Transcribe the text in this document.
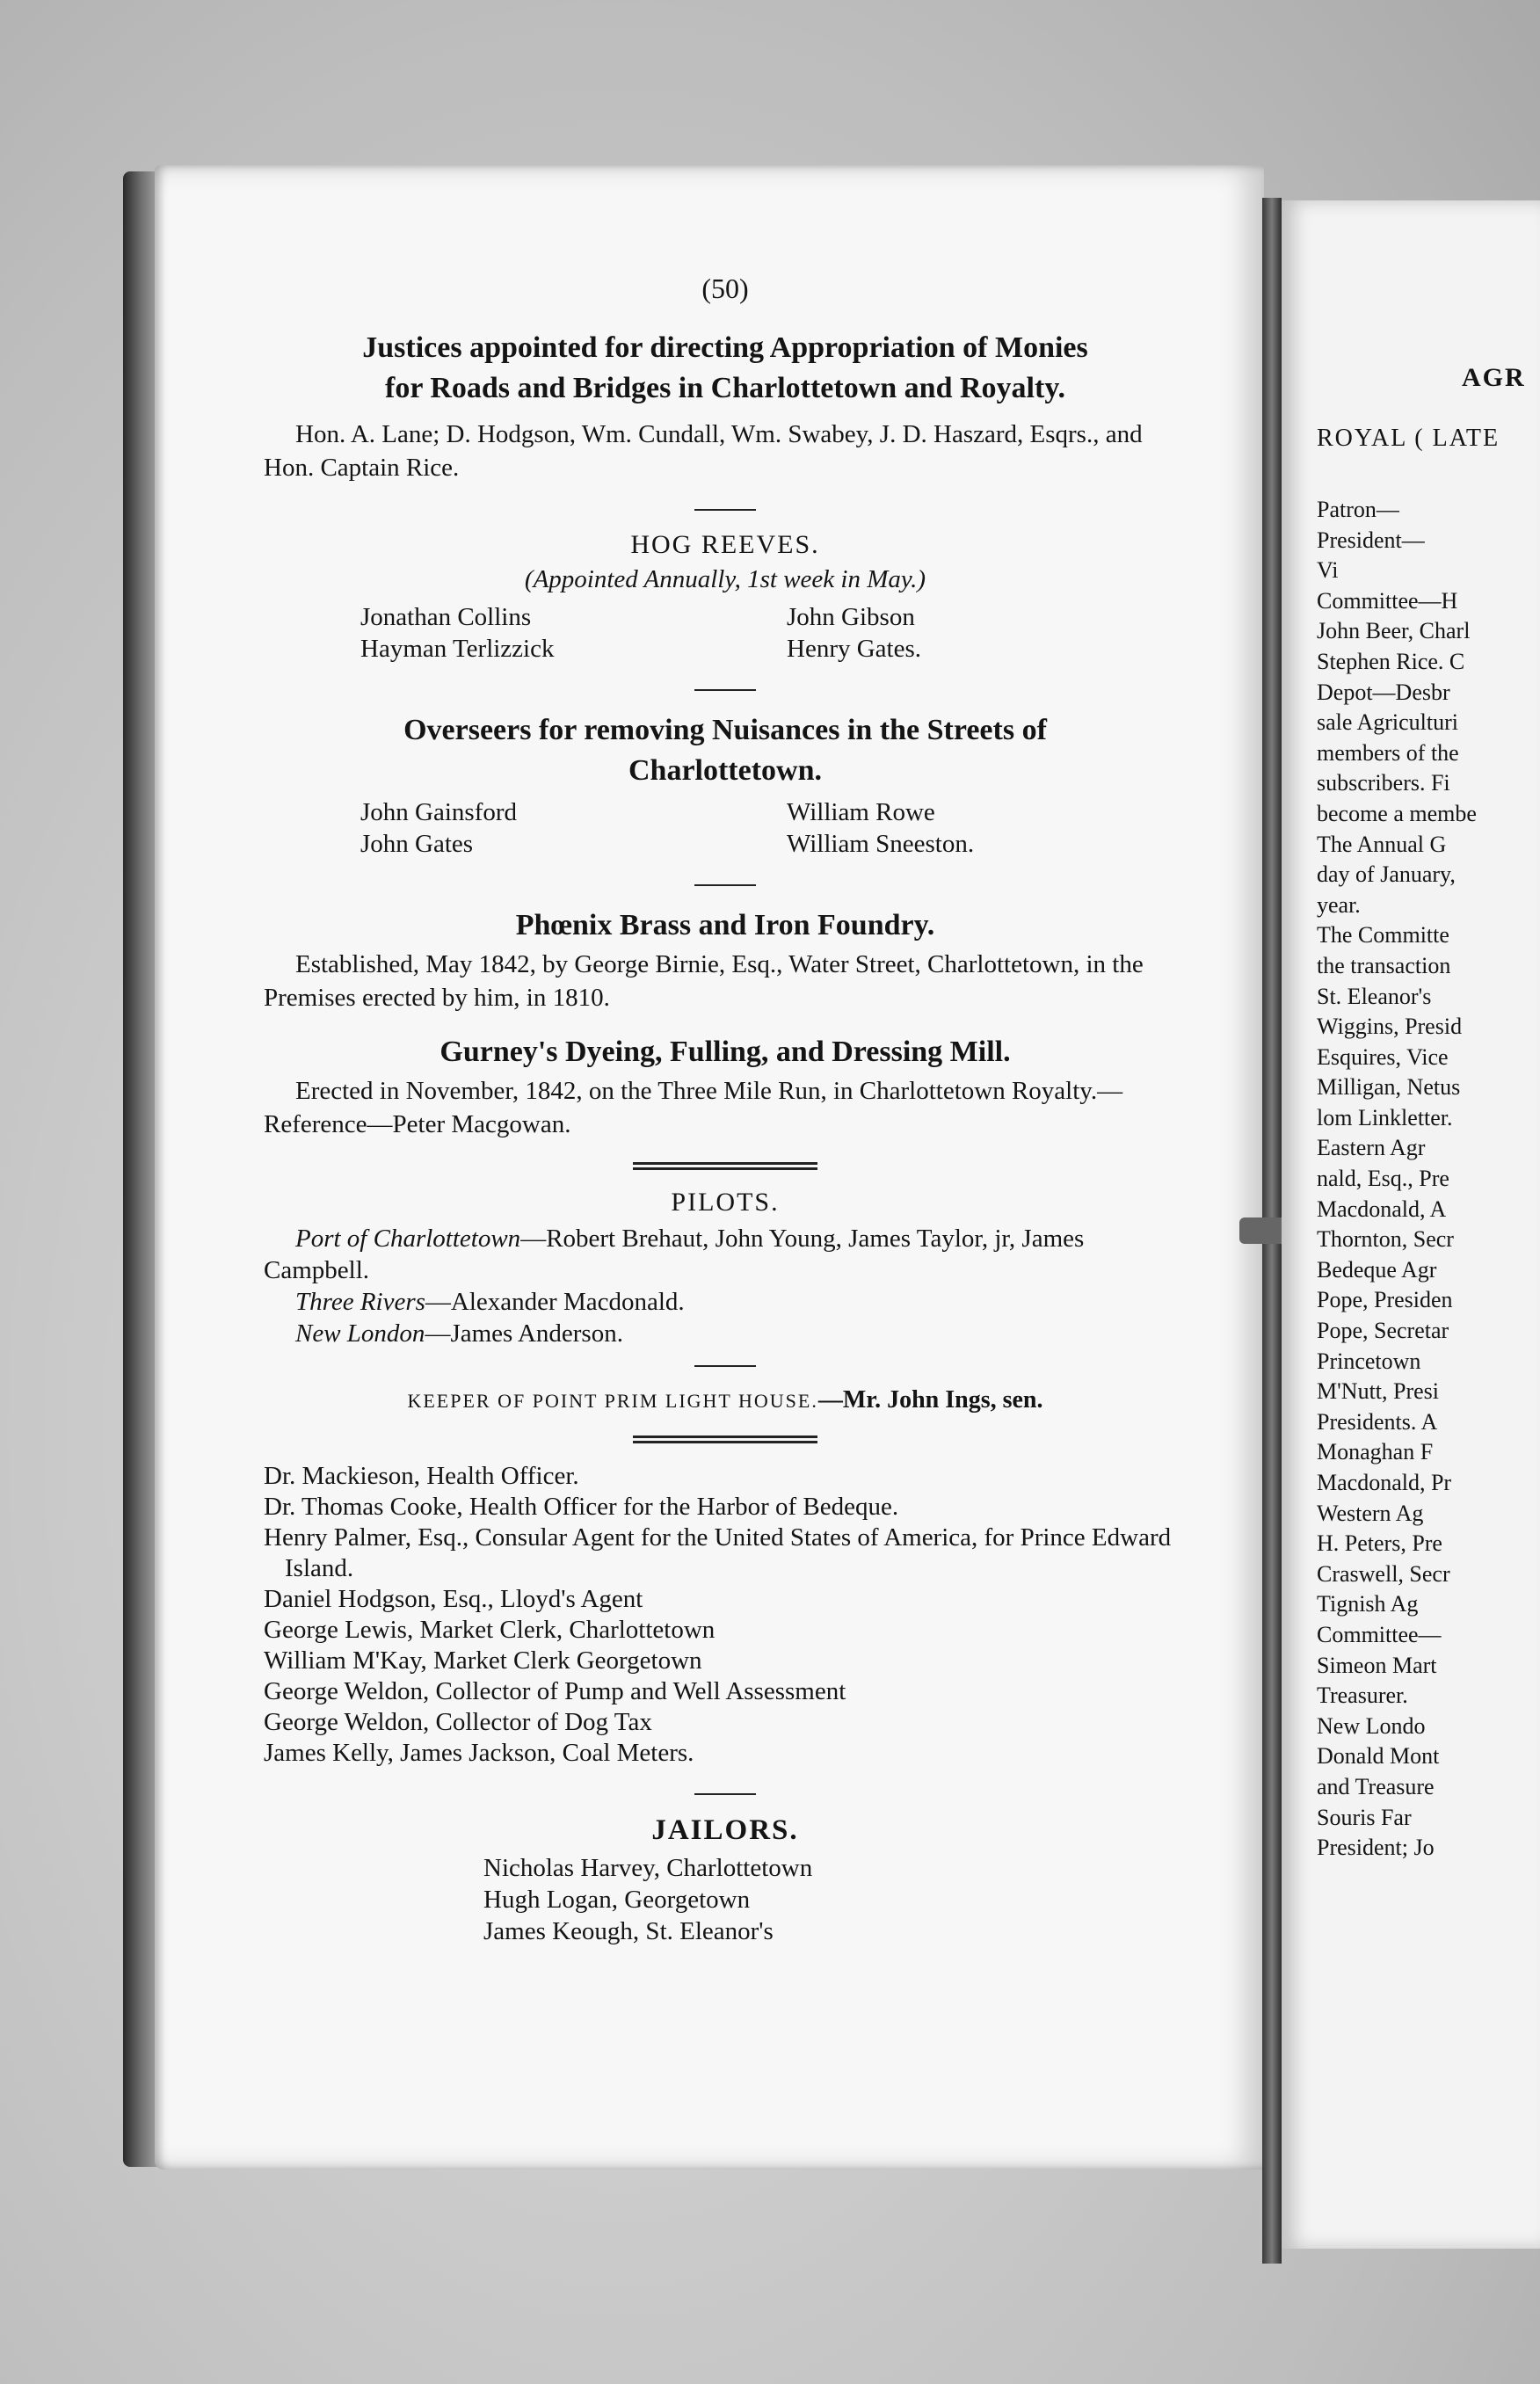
AGR
ROYAL ( LATE
Patron—
President—
Vi
Committee—H
John Beer, Charl
Stephen Rice. C
Depot—Desbr
sale Agriculturi
members of the
subscribers. Fi
become a membe
The Annual G
day of January,
year.
The Committe
the transaction
St. Eleanor's
Wiggins, Presid
Esquires, Vice
Milligan, Netus
lom Linkletter.
Eastern Agr
nald, Esq., Pre
Macdonald, A
Thornton, Secr
Bedeque Agr
Pope, Presiden
Pope, Secretar
Princetown
M'Nutt, Presi
Presidents. A
Monaghan F
Macdonald, Pr
Western Ag
H. Peters, Pre
Craswell, Secr
Tignish Ag
Committee—
Simeon Mart
Treasurer.
New Londo
Donald Mont
and Treasure
Souris Far
President; Jo

(50)

Justices appointed for directing Appropriation of Monies

for Roads and Bridges in Charlottetown and Royalty.

Hon. A. Lane; D. Hodgson, Wm. Cundall, Wm. Swabey, J. D. Haszard, Esqrs., and Hon. Captain Rice.

HOG REEVES.

(Appointed Annually, 1st week in May.)

Jonathan Collins
Hayman Terlizzick
John Gibson
Henry Gates.

Overseers for removing Nuisances in the Streets of

Charlottetown.

John Gainsford
John Gates
William Rowe
William Sneeston.

Phœnix Brass and Iron Foundry.

Established, May 1842, by George Birnie, Esq., Water Street, Charlottetown, in the Premises erected by him, in 1810.

Gurney's Dyeing, Fulling, and Dressing Mill.

Erected in November, 1842, on the Three Mile Run, in Charlottetown Royalty.—Reference—Peter Macgowan.

PILOTS.

Port of Charlottetown—Robert Brehaut, John Young, James Taylor, jr, James Campbell.

Three Rivers—Alexander Macdonald.

New London—James Anderson.

KEEPER OF POINT PRIM LIGHT HOUSE.—Mr. John Ings, sen.

Dr. Mackieson, Health Officer.
Dr. Thomas Cooke, Health Officer for the Harbor of Bedeque.
Henry Palmer, Esq., Consular Agent for the United States of America, for Prince Edward Island.
Daniel Hodgson, Esq., Lloyd's Agent
George Lewis, Market Clerk, Charlottetown
William M'Kay, Market Clerk Georgetown
George Weldon, Collector of Pump and Well Assessment
George Weldon, Collector of Dog Tax
James Kelly, James Jackson, Coal Meters.

JAILORS.

Nicholas Harvey, Charlottetown
Hugh Logan, Georgetown
James Keough, St. Eleanor's
